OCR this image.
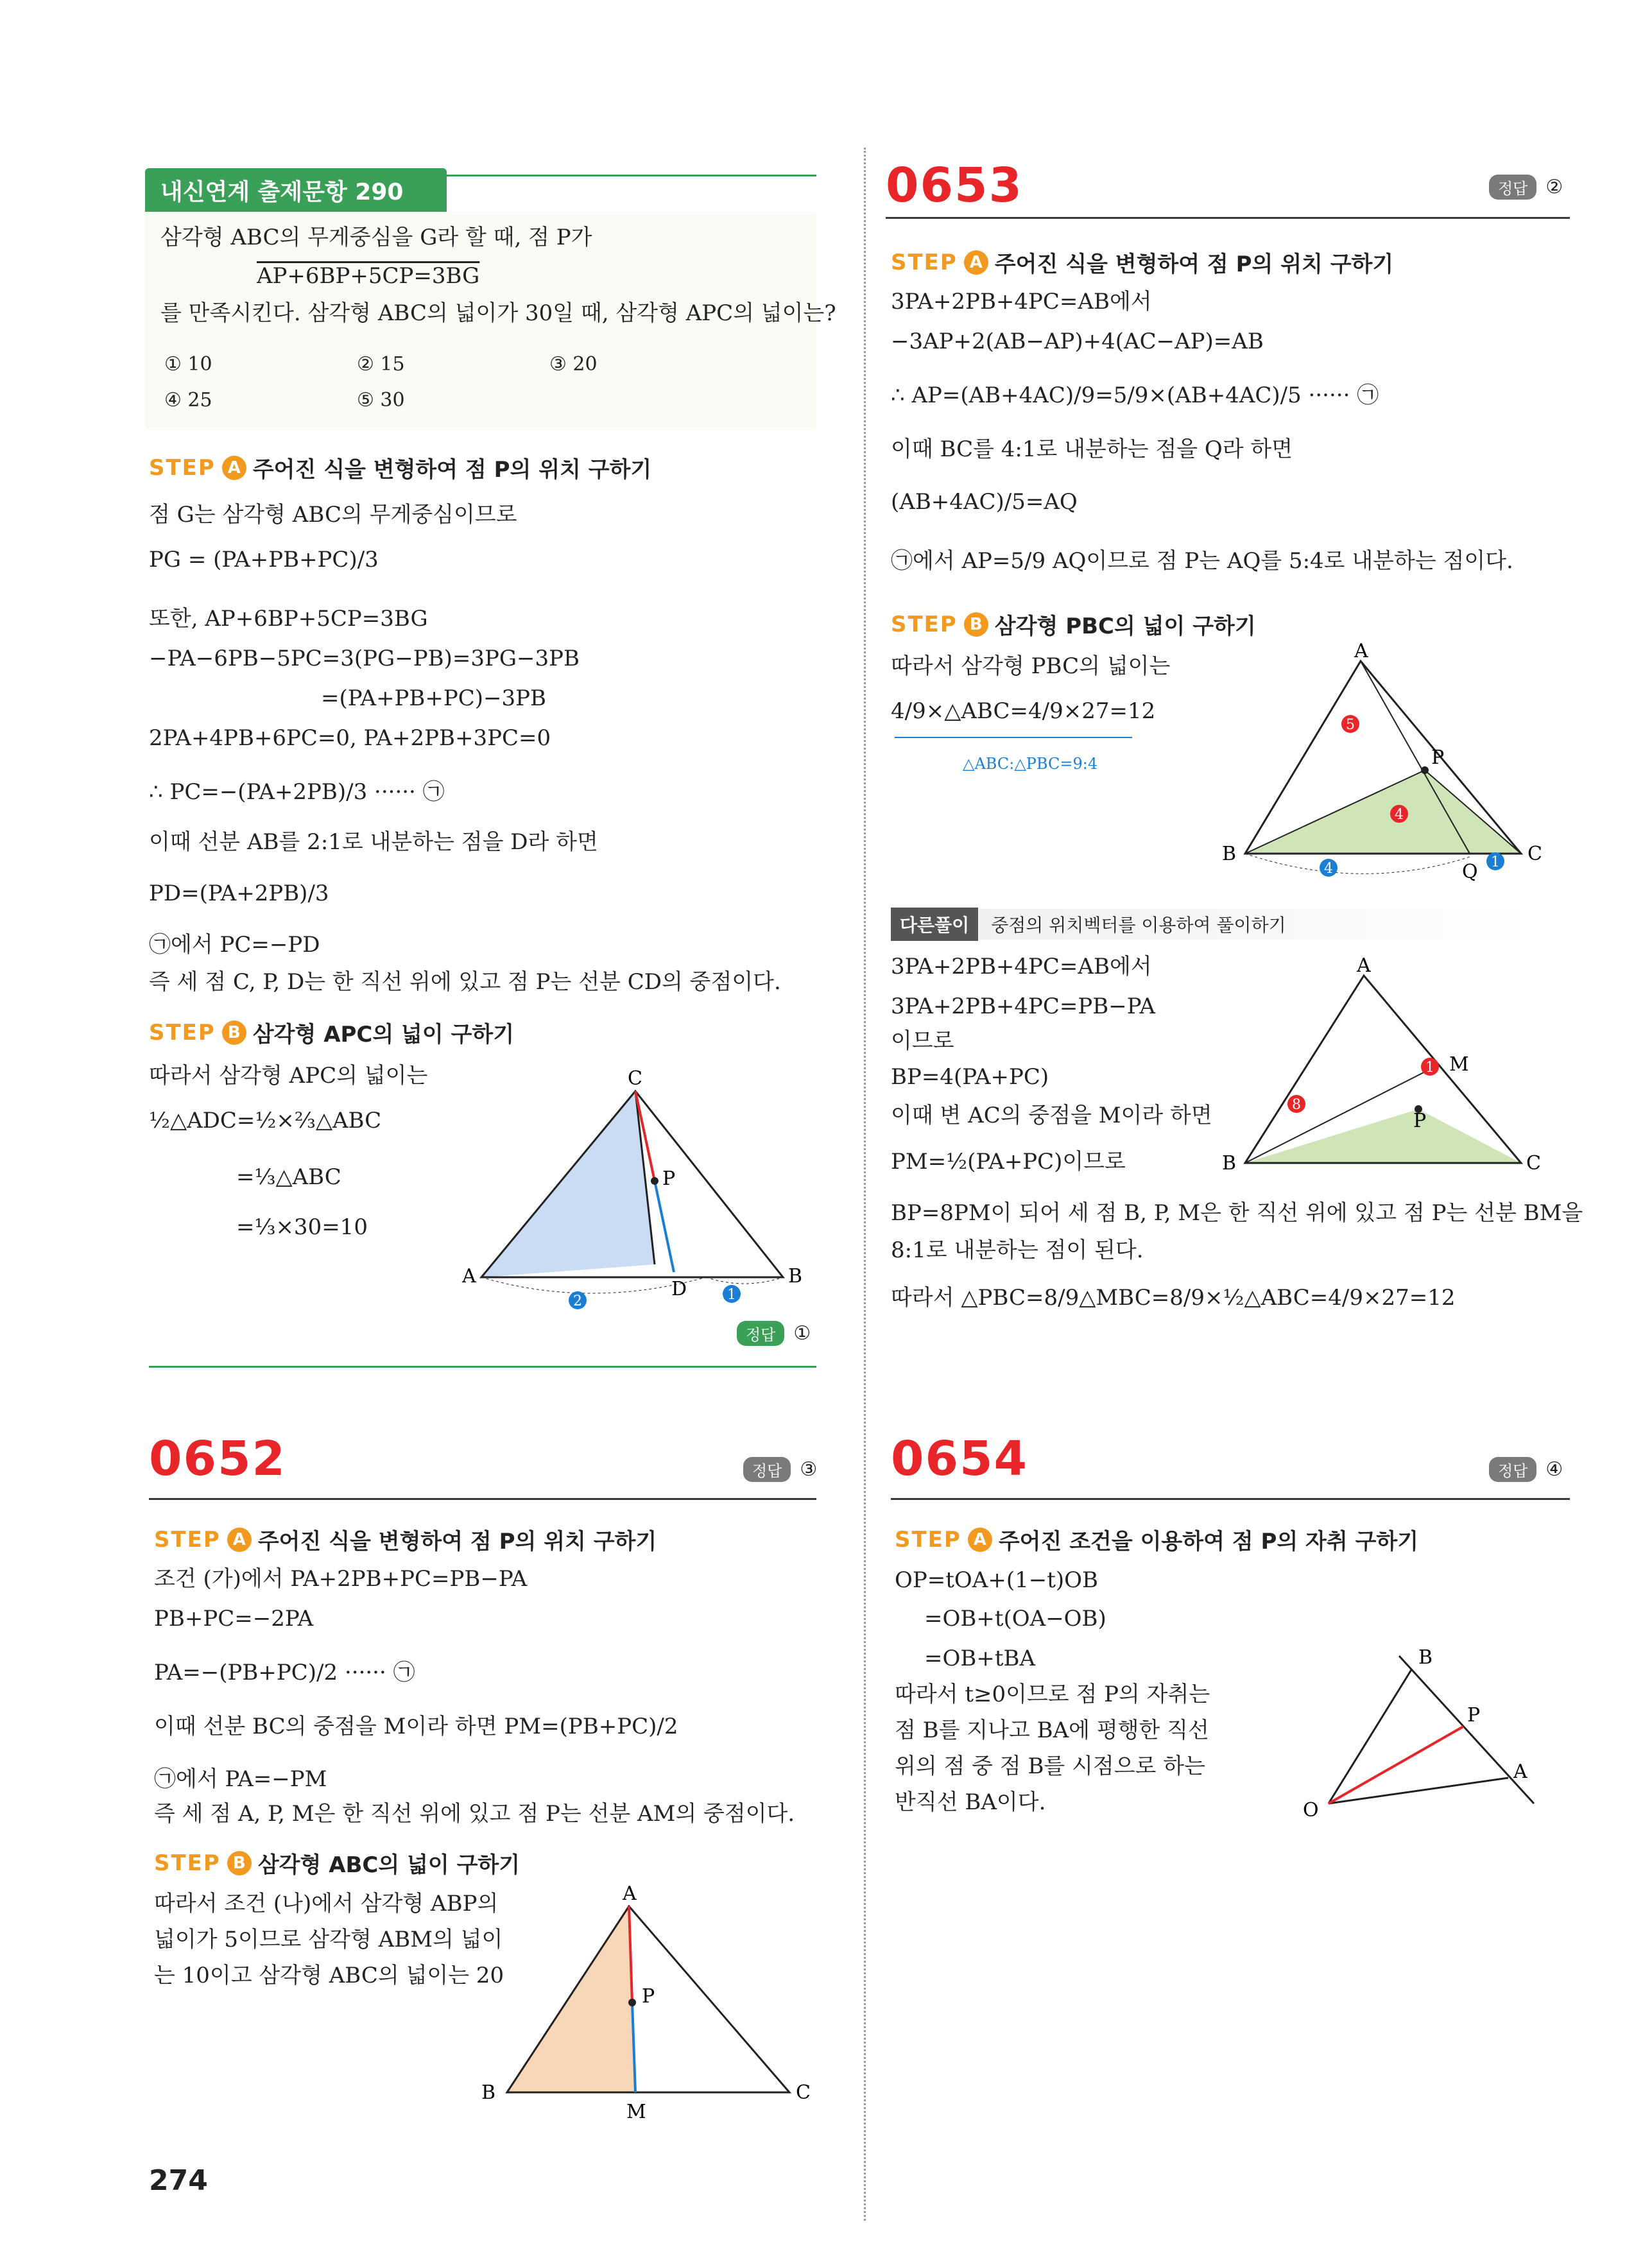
내신연계 출제문항 290
삼각형 ABC의 무게중심을 G라 할 때, 점 P가
AP+6BP+5CP=3BG
를 만족시킨다. 삼각형 ABC의 넓이가 30일 때, 삼각형 APC의 넓이는?
① 10	② 15	③ 20
④ 25	⑤ 30
STEP A 주어진 식을 변형하여 점 P의 위치 구하기
점 G는 삼각형 ABC의 무게중심이므로
PG = (PA+PB+PC)/3
또한, AP+6BP+5CP=3BG
−PA−6PB−5PC=3(PG−PB)=3PG−3PB
=(PA+PB+PC)−3PB
2PA+4PB+6PC=0, PA+2PB+3PC=0
∴ PC=−(PA+2PB)/3 ······ ㉠
이때 선분 AB를 2:1로 내분하는 점을 D라 하면
PD=(PA+2PB)/3
㉠에서 PC=−PD
즉 세 점 C, P, D는 한 직선 위에 있고 점 P는 선분 CD의 중점이다.
STEP B 삼각형 APC의 넓이 구하기
따라서 삼각형 APC의 넓이는
½△ADC=½×⅔△ABC
=⅓△ABC
=⅓×30=10
C
P
A
D
B
2	1
정답 ①
0652	정답 ③
STEP A 주어진 식을 변형하여 점 P의 위치 구하기
조건 (가)에서 PA+2PB+PC=PB−PA
PB+PC=−2PA
PA=−(PB+PC)/2 ······ ㉠
이때 선분 BC의 중점을 M이라 하면 PM=(PB+PC)/2
㉠에서 PA=−PM
즉 세 점 A, P, M은 한 직선 위에 있고 점 P는 선분 AM의 중점이다.
STEP B 삼각형 ABC의 넓이 구하기
따라서 조건 (나)에서 삼각형 ABP의
넓이가 5이므로 삼각형 ABM의 넓이
는 10이고 삼각형 ABC의 넓이는 20
A
P
B
M
C
274
0653	정답 ②
STEP A 주어진 식을 변형하여 점 P의 위치 구하기
3PA+2PB+4PC=AB에서
−3AP+2(AB−AP)+4(AC−AP)=AB
∴ AP=(AB+4AC)/9=5/9×(AB+4AC)/5 ······ ㉠
이때 BC를 4:1로 내분하는 점을 Q라 하면
(AB+4AC)/5=AQ
㉠에서 AP=5/9 AQ이므로 점 P는 AQ를 5:4로 내분하는 점이다.
STEP B 삼각형 PBC의 넓이 구하기
따라서 삼각형 PBC의 넓이는
4/9×△ABC=4/9×27=12
△ABC:△PBC=9:4
A
P
B
Q
C
5
4
4	1
다른풀이	중점의 위치벡터를 이용하여 풀이하기
3PA+2PB+4PC=AB에서
3PA+2PB+4PC=PB−PA
이므로
BP=4(PA+PC)
이때 변 AC의 중점을 M이라 하면
PM=½(PA+PC)이므로
BP=8PM이 되어 세 점 B, P, M은 한 직선 위에 있고 점 P는 선분 BM을
8:1로 내분하는 점이 된다.
따라서 △PBC=8/9△MBC=8/9×½△ABC=4/9×27=12
A
M
P
B	C
1
8
0654	정답 ④
STEP A 주어진 조건을 이용하여 점 P의 자취 구하기
OP=tOA+(1−t)OB
=OB+t(OA−OB)
=OB+tBA
따라서 t≥0이므로 점 P의 자취는
점 B를 지나고 BA에 평행한 직선
위의 점 중 점 B를 시점으로 하는
반직선 BA이다.
B
P
A
O
